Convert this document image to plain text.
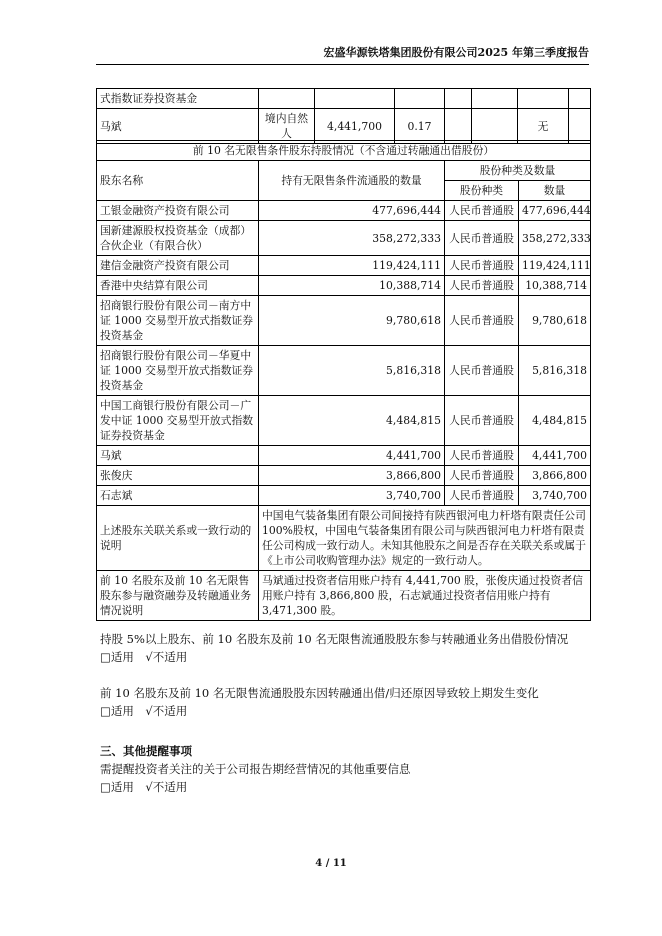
宏盛华源铁塔集团股份有限公司2025 年第三季度报告
式指数证券投资基金							
马斌	境内自然人	4,441,700	0.17			无	
前 10 名无限售条件股东持股情况（不含通过转融通出借股份）			
股东名称	持有无限售条件流通股的数量	股份种类及数量	
		股份种类	数量
工银金融资产投资有限公司	477,696,444	人民币普通股	477,696,444
国新建源股权投资基金（成都）合伙企业（有限合伙）	358,272,333	人民币普通股	358,272,333
建信金融资产投资有限公司	119,424,111	人民币普通股	119,424,111
香港中央结算有限公司	10,388,714	人民币普通股	10,388,714
招商银行股份有限公司－南方中证 1000 交易型开放式指数证券投资基金	9,780,618	人民币普通股	9,780,618
招商银行股份有限公司－华夏中证 1000 交易型开放式指数证券投资基金	5,816,318	人民币普通股	5,816,318
中国工商银行股份有限公司－广发中证 1000 交易型开放式指数证券投资基金	4,484,815	人民币普通股	4,484,815
马斌	4,441,700	人民币普通股	4,441,700
张俊庆	3,866,800	人民币普通股	3,866,800
石志斌	3,740,700	人民币普通股	3,740,700
上述股东关联关系或一致行动的说明	中国电气装备集团有限公司间接持有陕西银河电力杆塔有限责任公司 100%股权，中国电气装备集团有限公司与陕西银河电力杆塔有限责任公司构成一致行动人。未知其他股东之间是否存在关联关系或属于《上市公司收购管理办法》规定的一致行动人。		
前 10 名股东及前 10 名无限售股东参与融资融券及转融通业务情况说明	马斌通过投资者信用账户持有 4,441,700 股，张俊庆通过投资者信用账户持有 3,866,800 股，石志斌通过投资者信用账户持有 3,471,300 股。		
持股 5%以上股东、前 10 名股东及前 10 名无限售流通股股东参与转融通业务出借股份情况
□适用　√不适用
前 10 名股东及前 10 名无限售流通股股东因转融通出借/归还原因导致较上期发生变化
□适用　√不适用
三、其他提醒事项
需提醒投资者关注的关于公司报告期经营情况的其他重要信息
□适用　√不适用
4 / 11
